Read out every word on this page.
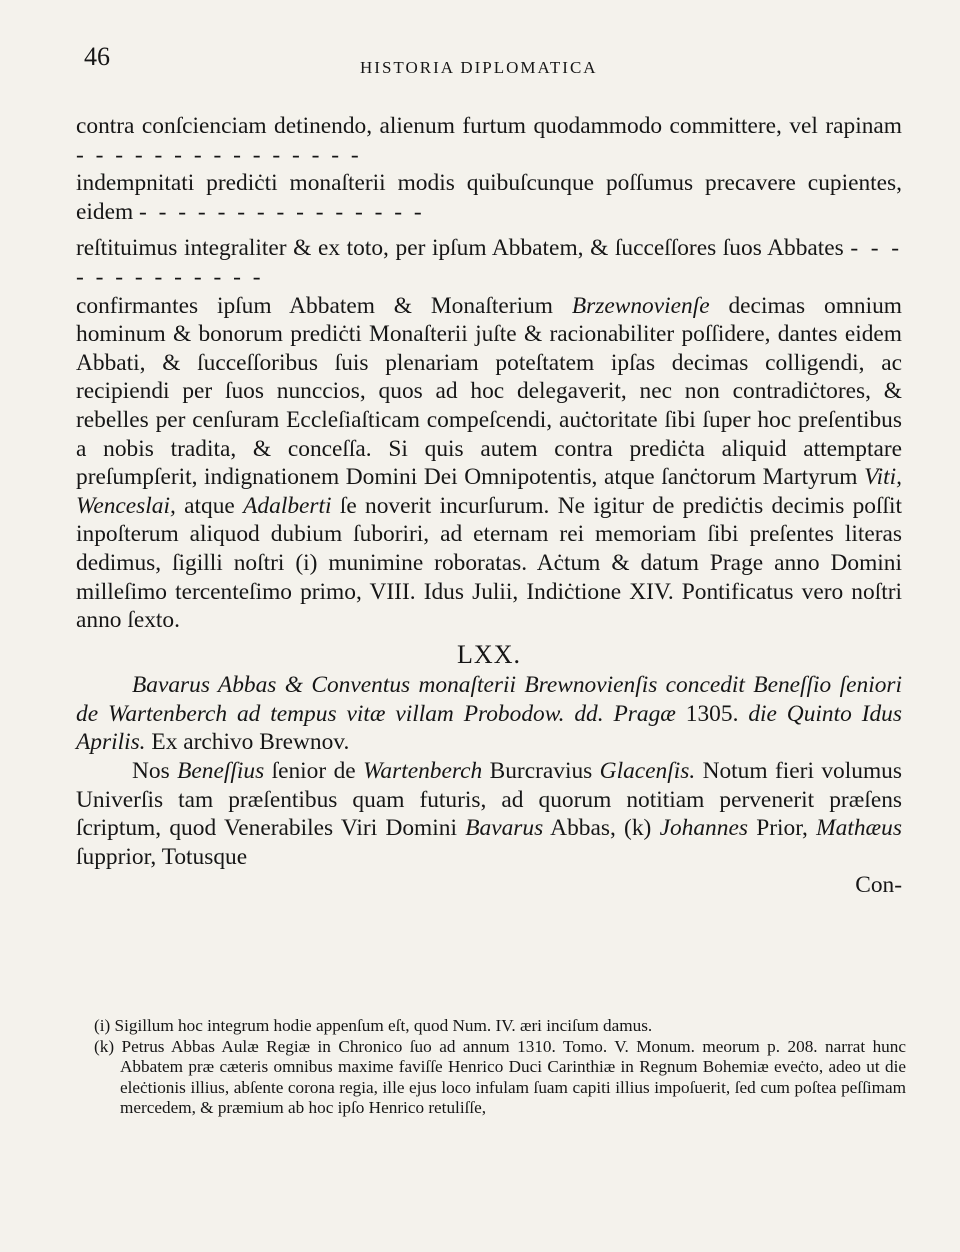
46	HISTORIA DIPLOMATICA

contra conſcienciam detinendo, alienum furtum quodammodo committere, vel rapinam - - - - - - - - - - - - - - -

indempnitati prediċti monaſterii modis quibuſcunque poſſumus precavere cupientes, eidem - - - - - - - - - - - - - - -

reſtituimus integraliter & ex toto, per ipſum Abbatem, & ſucceſſores ſuos Abbates - - - - - - - - - - - - -

confirmantes ipſum Abbatem & Monaſterium Brzewnovienſe decimas omnium hominum & bonorum prediċti Monaſterii juſte & racionabiliter poſſidere, dantes eidem Abbati, & ſucceſſoribus ſuis plenariam poteſtatem ipſas decimas colligendi, ac recipiendi per ſuos nunccios, quos ad hoc delegaverit, nec non contradiċtores, & rebelles per cenſuram Eccleſiaſticam compeſcendi, auċtoritate ſibi ſuper hoc preſentibus a nobis tradita, & conceſſa. Si quis autem contra prediċta aliquid attemptare preſumpſerit, indignationem Domini Dei Omnipotentis, atque ſanċtorum Martyrum Viti, Wenceslai, atque Adalberti ſe noverit incurſurum. Ne igitur de prediċtis decimis poſſit inpoſterum aliquod dubium ſuboriri, ad eternam rei memoriam ſibi preſentes literas dedimus, ſigilli noſtri (i) munimine roboratas. Aċtum & datum Prage anno Domini milleſimo tercenteſimo primo, VIII. Idus Julii, Indiċtione XIV. Pontificatus vero noſtri anno ſexto.

LXX.

Bavarus Abbas & Conventus monaſterii Brewnovienſis concedit Beneſſio ſeniori de Wartenberch ad tempus vitæ villam Probodow. dd. Pragæ 1305. die Quinto Idus Aprilis. Ex archivo Brewnov.

Nos Beneſſius ſenior de Wartenberch Burcravius Glacenſis. Notum fieri volumus Univerſis tam præſentibus quam futuris, ad quorum notitiam pervenerit præſens ſcriptum, quod Venerabiles Viri Domini Bavarus Abbas, (k) Johannes Prior, Mathæus ſupprior, Totusque

Con-

(i) Sigillum hoc integrum hodie appenſum eſt, quod Num. IV. æri inciſum damus.

(k) Petrus Abbas Aulæ Regiæ in Chronico ſuo ad annum 1310. Tomo. V. Monum. meorum p. 208. narrat hunc Abbatem præ cæteris omnibus maxime faviſſe Henrico Duci Carinthiæ in Regnum Bohemiæ eveċto, adeo ut die eleċtionis illius, abſente corona regia, ille ejus loco infulam ſuam capiti illius impoſuerit, ſed cum poſtea peſſimam mercedem, & præmium ab hoc ipſo Henrico retuliſſe,
